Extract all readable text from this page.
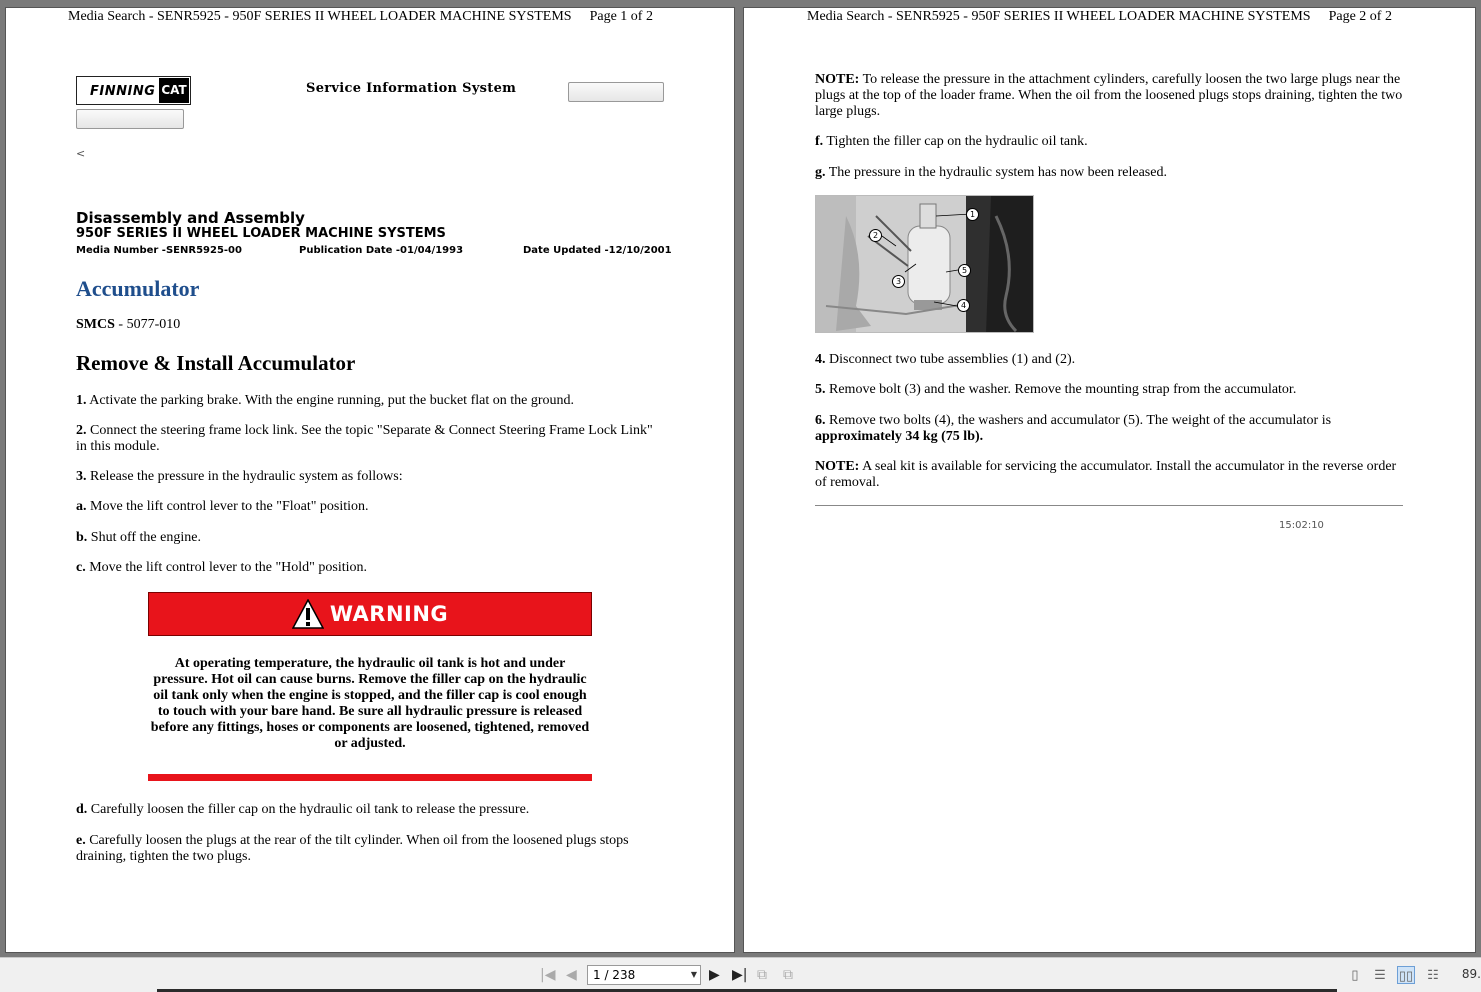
Media Search - SENR5925 - 950F SERIES II WHEEL LOADER MACHINE SYSTEMS Page 1 of 2
FINNING CAT	Service Information System
<
Disassembly and Assembly
950F SERIES II WHEEL LOADER MACHINE SYSTEMS
Media Number -SENR5925-00	Publication Date -01/04/1993	Date Updated -12/10/2001
Accumulator
SMCS - 5077-010
Remove & Install Accumulator
1. Activate the parking brake. With the engine running, put the bucket flat on the ground.
2. Connect the steering frame lock link. See the topic "Separate & Connect Steering Frame Lock Link" in this module.
3. Release the pressure in the hydraulic system as follows:
a. Move the lift control lever to the "Float" position.
b. Shut off the engine.
c. Move the lift control lever to the "Hold" position.
WARNING
At operating temperature, the hydraulic oil tank is hot and under pressure. Hot oil can cause burns. Remove the filler cap on the hydraulic oil tank only when the engine is stopped, and the filler cap is cool enough to touch with your bare hand. Be sure all hydraulic pressure is released before any fittings, hoses or components are loosened, tightened, removed or adjusted.
d. Carefully loosen the filler cap on the hydraulic oil tank to release the pressure.
e. Carefully loosen the plugs at the rear of the tilt cylinder. When oil from the loosened plugs stops draining, tighten the two plugs.
Media Search - SENR5925 - 950F SERIES II WHEEL LOADER MACHINE SYSTEMS Page 2 of 2
NOTE: To release the pressure in the attachment cylinders, carefully loosen the two large plugs near the plugs at the top of the loader frame. When the oil from the loosened plugs stops draining, tighten the two large plugs.
f. Tighten the filler cap on the hydraulic oil tank.
g. The pressure in the hydraulic system has now been released.
1
2
3
4
5
4. Disconnect two tube assemblies (1) and (2).
5. Remove bolt (3) and the washer. Remove the mounting strap from the accumulator.
6. Remove two bolts (4), the washers and accumulator (5). The weight of the accumulator is approximately 34 kg (75 lb).
NOTE: A seal kit is available for servicing the accumulator. Install the accumulator in the reverse order of removal.
15:02:10
|◀ ◀	1 / 238	▼ ▶ ▶| ⧉ ⧉	▯	☰ ▯▯ ☷ 89.
